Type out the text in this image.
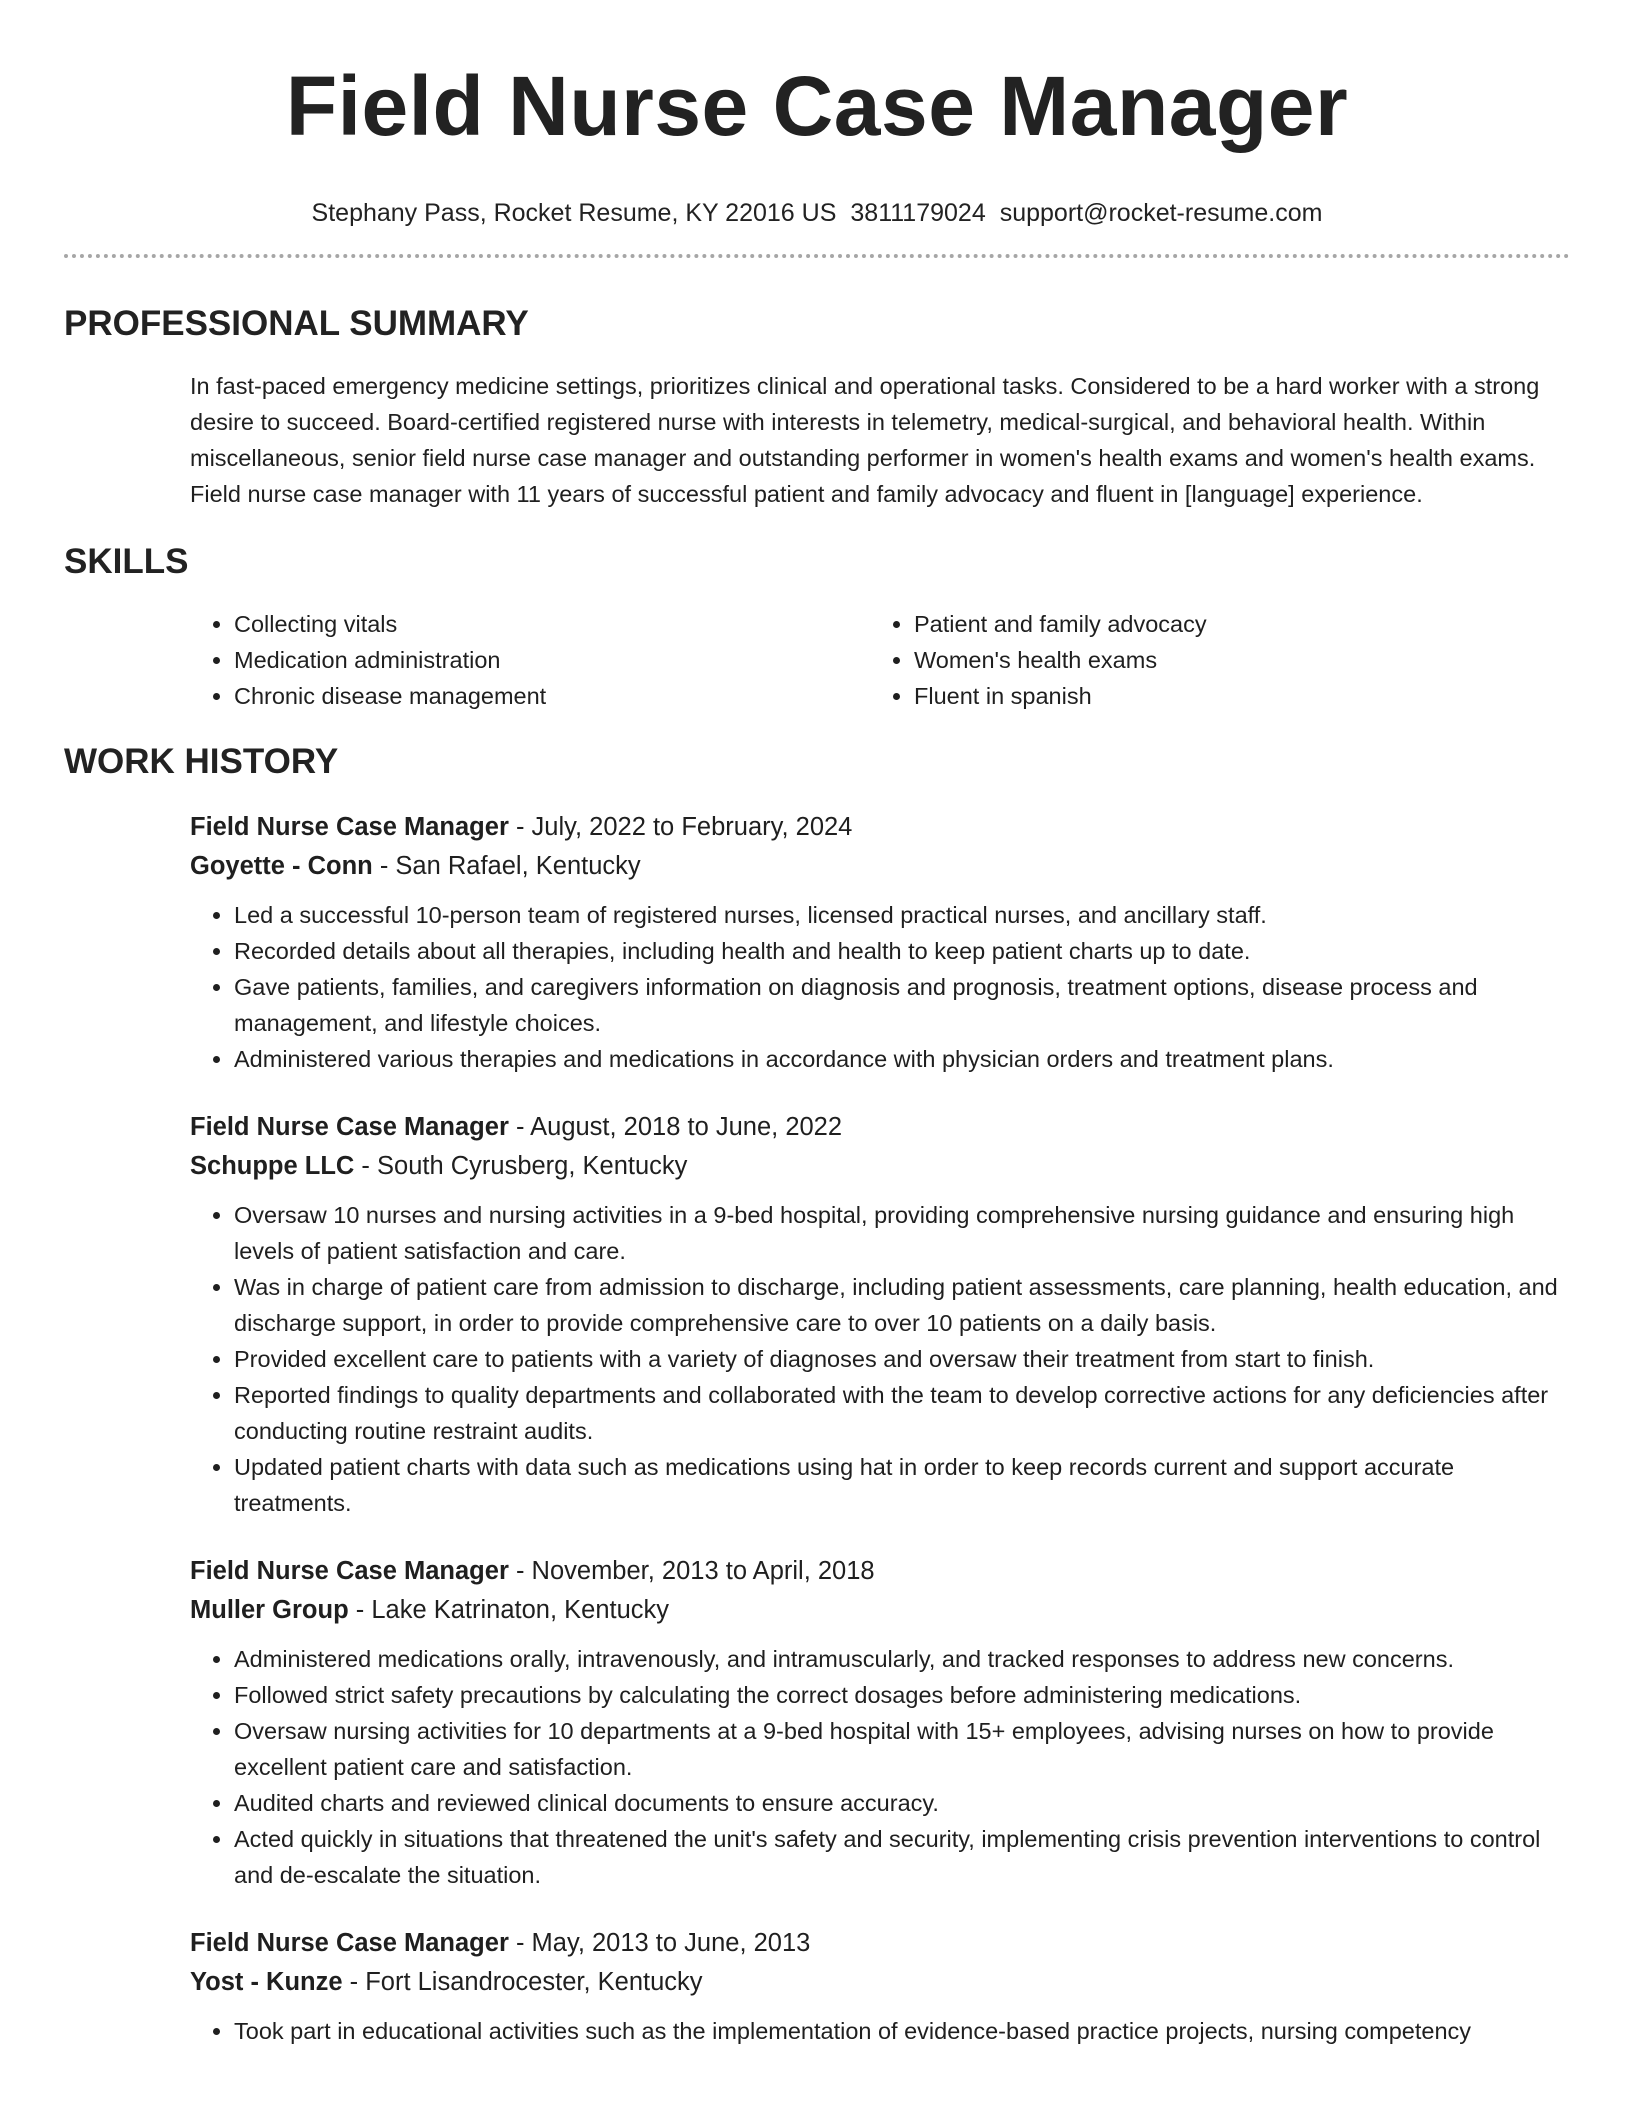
Field Nurse Case Manager
Stephany Pass, Rocket Resume, KY 22016 US 3811179024 support@rocket-resume.com
PROFESSIONAL SUMMARY
In fast-paced emergency medicine settings, prioritizes clinical and operational tasks. Considered to be a hard worker with a strong desire to succeed. Board-certified registered nurse with interests in telemetry, medical-surgical, and behavioral health. Within miscellaneous, senior field nurse case manager and outstanding performer in women's health exams and women's health exams. Field nurse case manager with 11 years of successful patient and family advocacy and fluent in [language] experience.
SKILLS
• Collecting vitals
• Medication administration
• Chronic disease management
• Patient and family advocacy
• Women's health exams
• Fluent in spanish
WORK HISTORY
Field Nurse Case Manager - July, 2022 to February, 2024
Goyette - Conn - San Rafael, Kentucky
• Led a successful 10-person team of registered nurses, licensed practical nurses, and ancillary staff.
• Recorded details about all therapies, including health and health to keep patient charts up to date.
• Gave patients, families, and caregivers information on diagnosis and prognosis, treatment options, disease process and management, and lifestyle choices.
• Administered various therapies and medications in accordance with physician orders and treatment plans.
Field Nurse Case Manager - August, 2018 to June, 2022
Schuppe LLC - South Cyrusberg, Kentucky
• Oversaw 10 nurses and nursing activities in a 9-bed hospital, providing comprehensive nursing guidance and ensuring high levels of patient satisfaction and care.
• Was in charge of patient care from admission to discharge, including patient assessments, care planning, health education, and discharge support, in order to provide comprehensive care to over 10 patients on a daily basis.
• Provided excellent care to patients with a variety of diagnoses and oversaw their treatment from start to finish.
• Reported findings to quality departments and collaborated with the team to develop corrective actions for any deficiencies after conducting routine restraint audits.
• Updated patient charts with data such as medications using hat in order to keep records current and support accurate treatments.
Field Nurse Case Manager - November, 2013 to April, 2018
Muller Group - Lake Katrinaton, Kentucky
• Administered medications orally, intravenously, and intramuscularly, and tracked responses to address new concerns.
• Followed strict safety precautions by calculating the correct dosages before administering medications.
• Oversaw nursing activities for 10 departments at a 9-bed hospital with 15+ employees, advising nurses on how to provide excellent patient care and satisfaction.
• Audited charts and reviewed clinical documents to ensure accuracy.
• Acted quickly in situations that threatened the unit's safety and security, implementing crisis prevention interventions to control and de-escalate the situation.
Field Nurse Case Manager - May, 2013 to June, 2013
Yost - Kunze - Fort Lisandrocester, Kentucky
• Took part in educational activities such as the implementation of evidence-based practice projects, nursing competency
